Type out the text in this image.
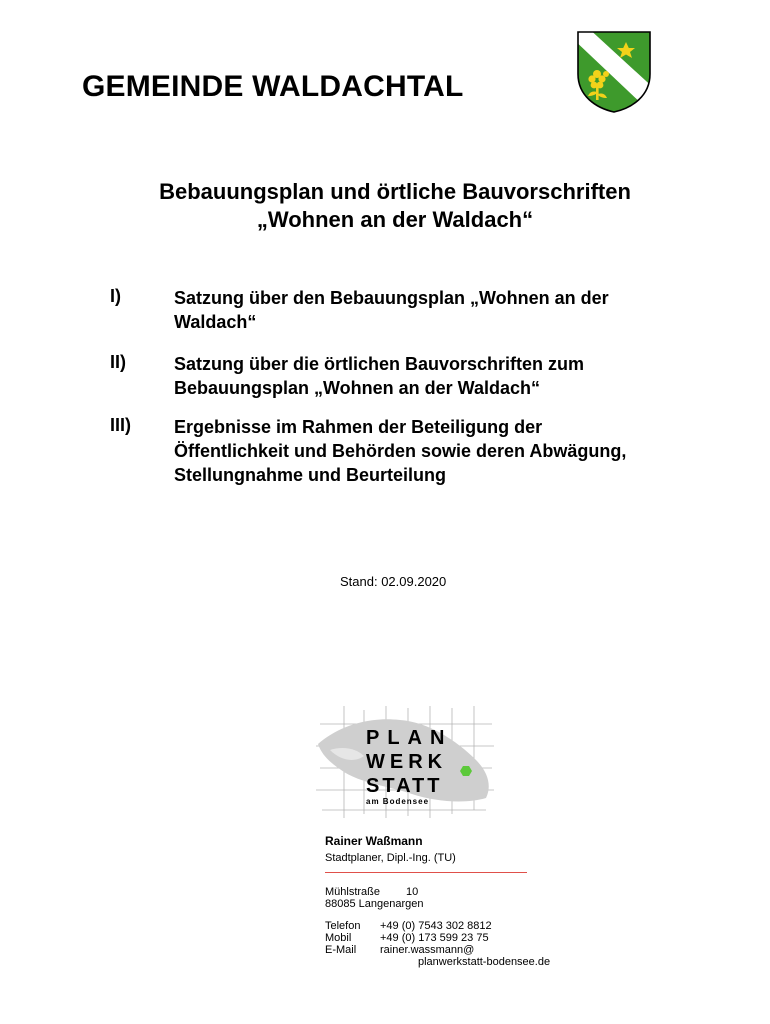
GEMEINDE WALDACHTAL
Bebauungsplan und örtliche Bauvorschriften
„Wohnen an der Waldach“
I)	Satzung über den Bebauungsplan „Wohnen an der
Waldach“
II)	Satzung über die örtlichen Bauvorschriften zum
Bebauungsplan „Wohnen an der Waldach“
III) Ergebnisse im Rahmen der Beteiligung der
Öffentlichkeit und Behörden sowie deren Abwägung,
Stellungnahme und Beurteilung
Stand: 02.09.2020
PLAN
WERK
STATT
am Bodensee
Rainer Waßmann
Stadtplaner, Dipl.-Ing. (TU)
Mühlstraße 10
88085 Langenargen
Telefon +49 (0) 7543 302 8812
Mobil	+49 (0) 173 599 23 75
E-Mail rainer.wassmann@
planwerkstatt-bodensee.de
